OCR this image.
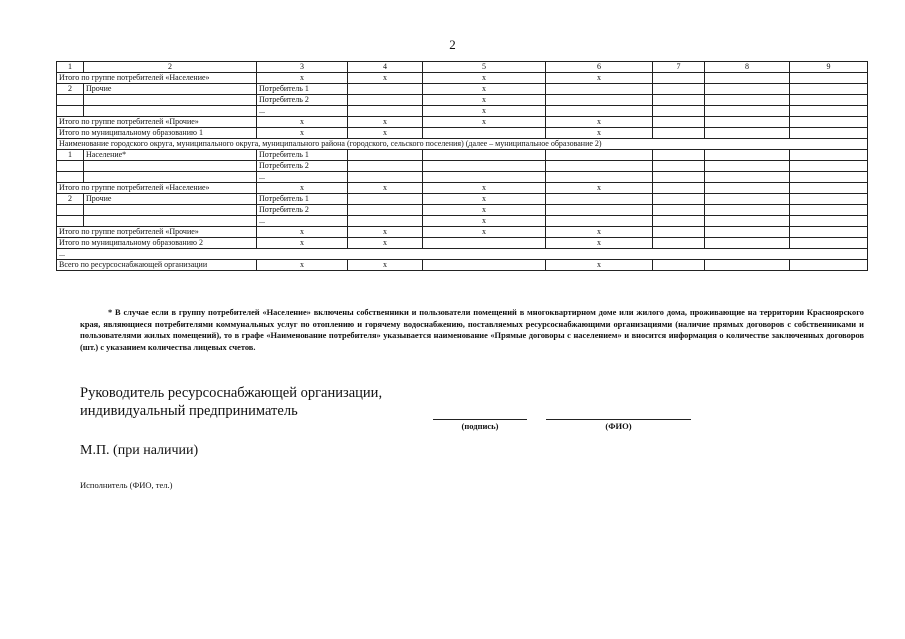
2
1	2	3	4	5	6	7	8	9
Итого по группе потребителей «Население»		x	x	x	x			
2	Прочие	Потребитель 1		x				
		Потребитель 2		x				
		...		x				
Итого по группе потребителей «Прочие»		x	x	x	x			
Итого по муниципальному образованию 1		x	x		x			
Наименование городского округа, муниципального округа, муниципального района (городского, сельского поселения) (далее – муниципальное образование 2)								
1	Население*	Потребитель 1						
		Потребитель 2						
		...						
Итого по группе потребителей «Население»		x	x	x	x			
2	Прочие	Потребитель 1		x				
		Потребитель 2		x				
		...		x				
Итого по группе потребителей «Прочие»		x	x	x	x			
Итого по муниципальному образованию 2		x	x		x			
...								
Всего по ресурсоснабжающей организации		x	x		x			
* В случае если в группу потребителей «Население» включены собственники и пользователи помещений в многоквартирном доме или жилого дома, проживающие на территории Красноярского края, являющиеся потребителями коммунальных услуг по отоплению и горячему водоснабжению, поставляемых ресурсоснабжающими организациями (наличие прямых договоров с собственниками и пользователями жилых помещений), то в графе «Наименование потребителя» указывается наименование «Прямые договоры с населением» и вносится информация о количестве заключенных договоров (шт.) с указанием количества лицевых счетов.
Руководитель ресурсоснабжающей организации,
индивидуальный предприниматель
(подпись)	(ФИО)
М.П. (при наличии)
Исполнитель (ФИО, тел.)
